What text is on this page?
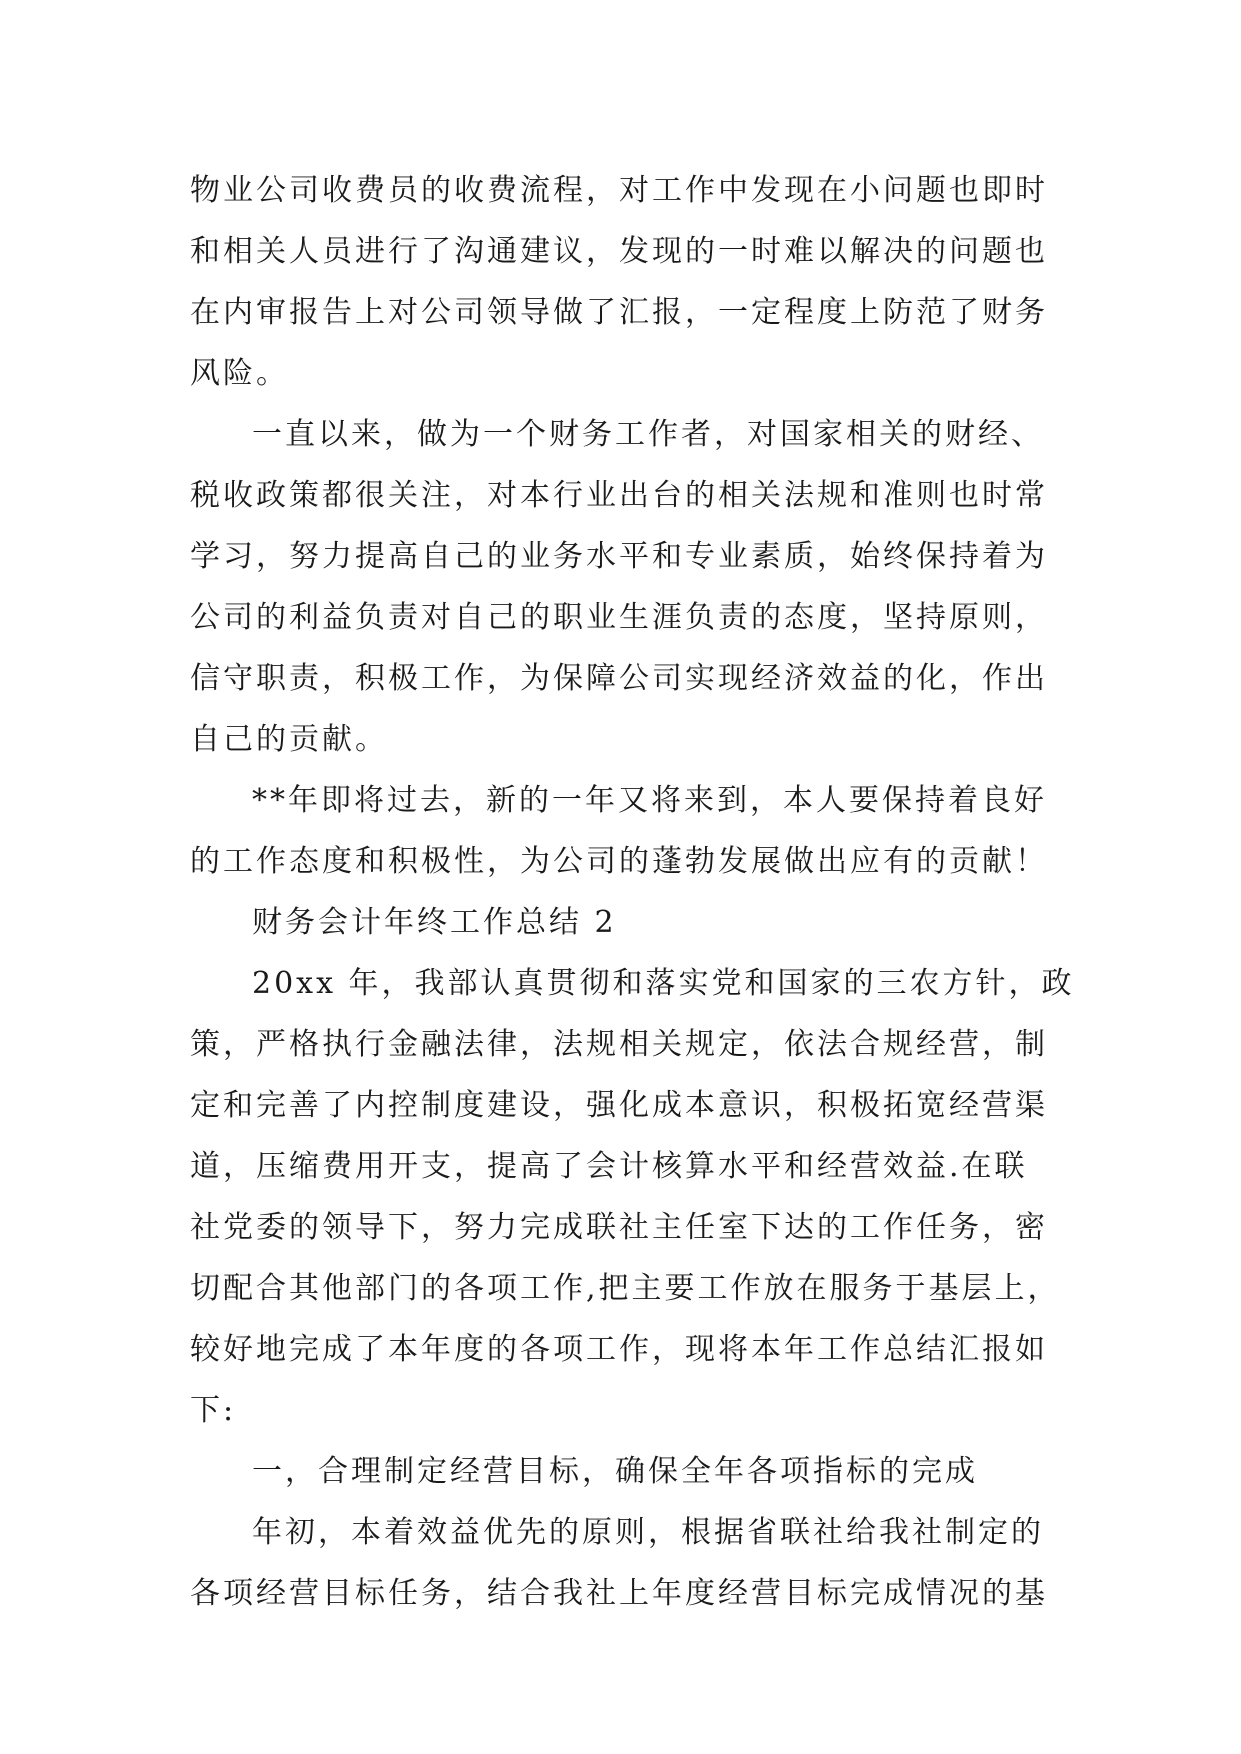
物业公司收费员的收费流程，对工作中发现在小问题也即时
和相关人员进行了沟通建议，发现的一时难以解决的问题也
在内审报告上对公司领导做了汇报，一定程度上防范了财务
风险。
一直以来，做为一个财务工作者，对国家相关的财经、
税收政策都很关注，对本行业出台的相关法规和准则也时常
学习，努力提高自己的业务水平和专业素质，始终保持着为
公司的利益负责对自己的职业生涯负责的态度，坚持原则，
信守职责，积极工作，为保障公司实现经济效益的化，作出
自己的贡献。
**年即将过去，新的一年又将来到，本人要保持着良好
的工作态度和积极性，为公司的蓬勃发展做出应有的贡献！
财务会计年终工作总结 2
20xx 年，我部认真贯彻和落实党和国家的三农方针，政
策，严格执行金融法律，法规相关规定，依法合规经营，制
定和完善了内控制度建设，强化成本意识，积极拓宽经营渠
道，压缩费用开支，提高了会计核算水平和经营效益.在联
社党委的领导下，努力完成联社主任室下达的工作任务，密
切配合其他部门的各项工作,把主要工作放在服务于基层上，
较好地完成了本年度的各项工作，现将本年工作总结汇报如
下:
一，合理制定经营目标，确保全年各项指标的完成
年初，本着效益优先的原则，根据省联社给我社制定的
各项经营目标任务，结合我社上年度经营目标完成情况的基
